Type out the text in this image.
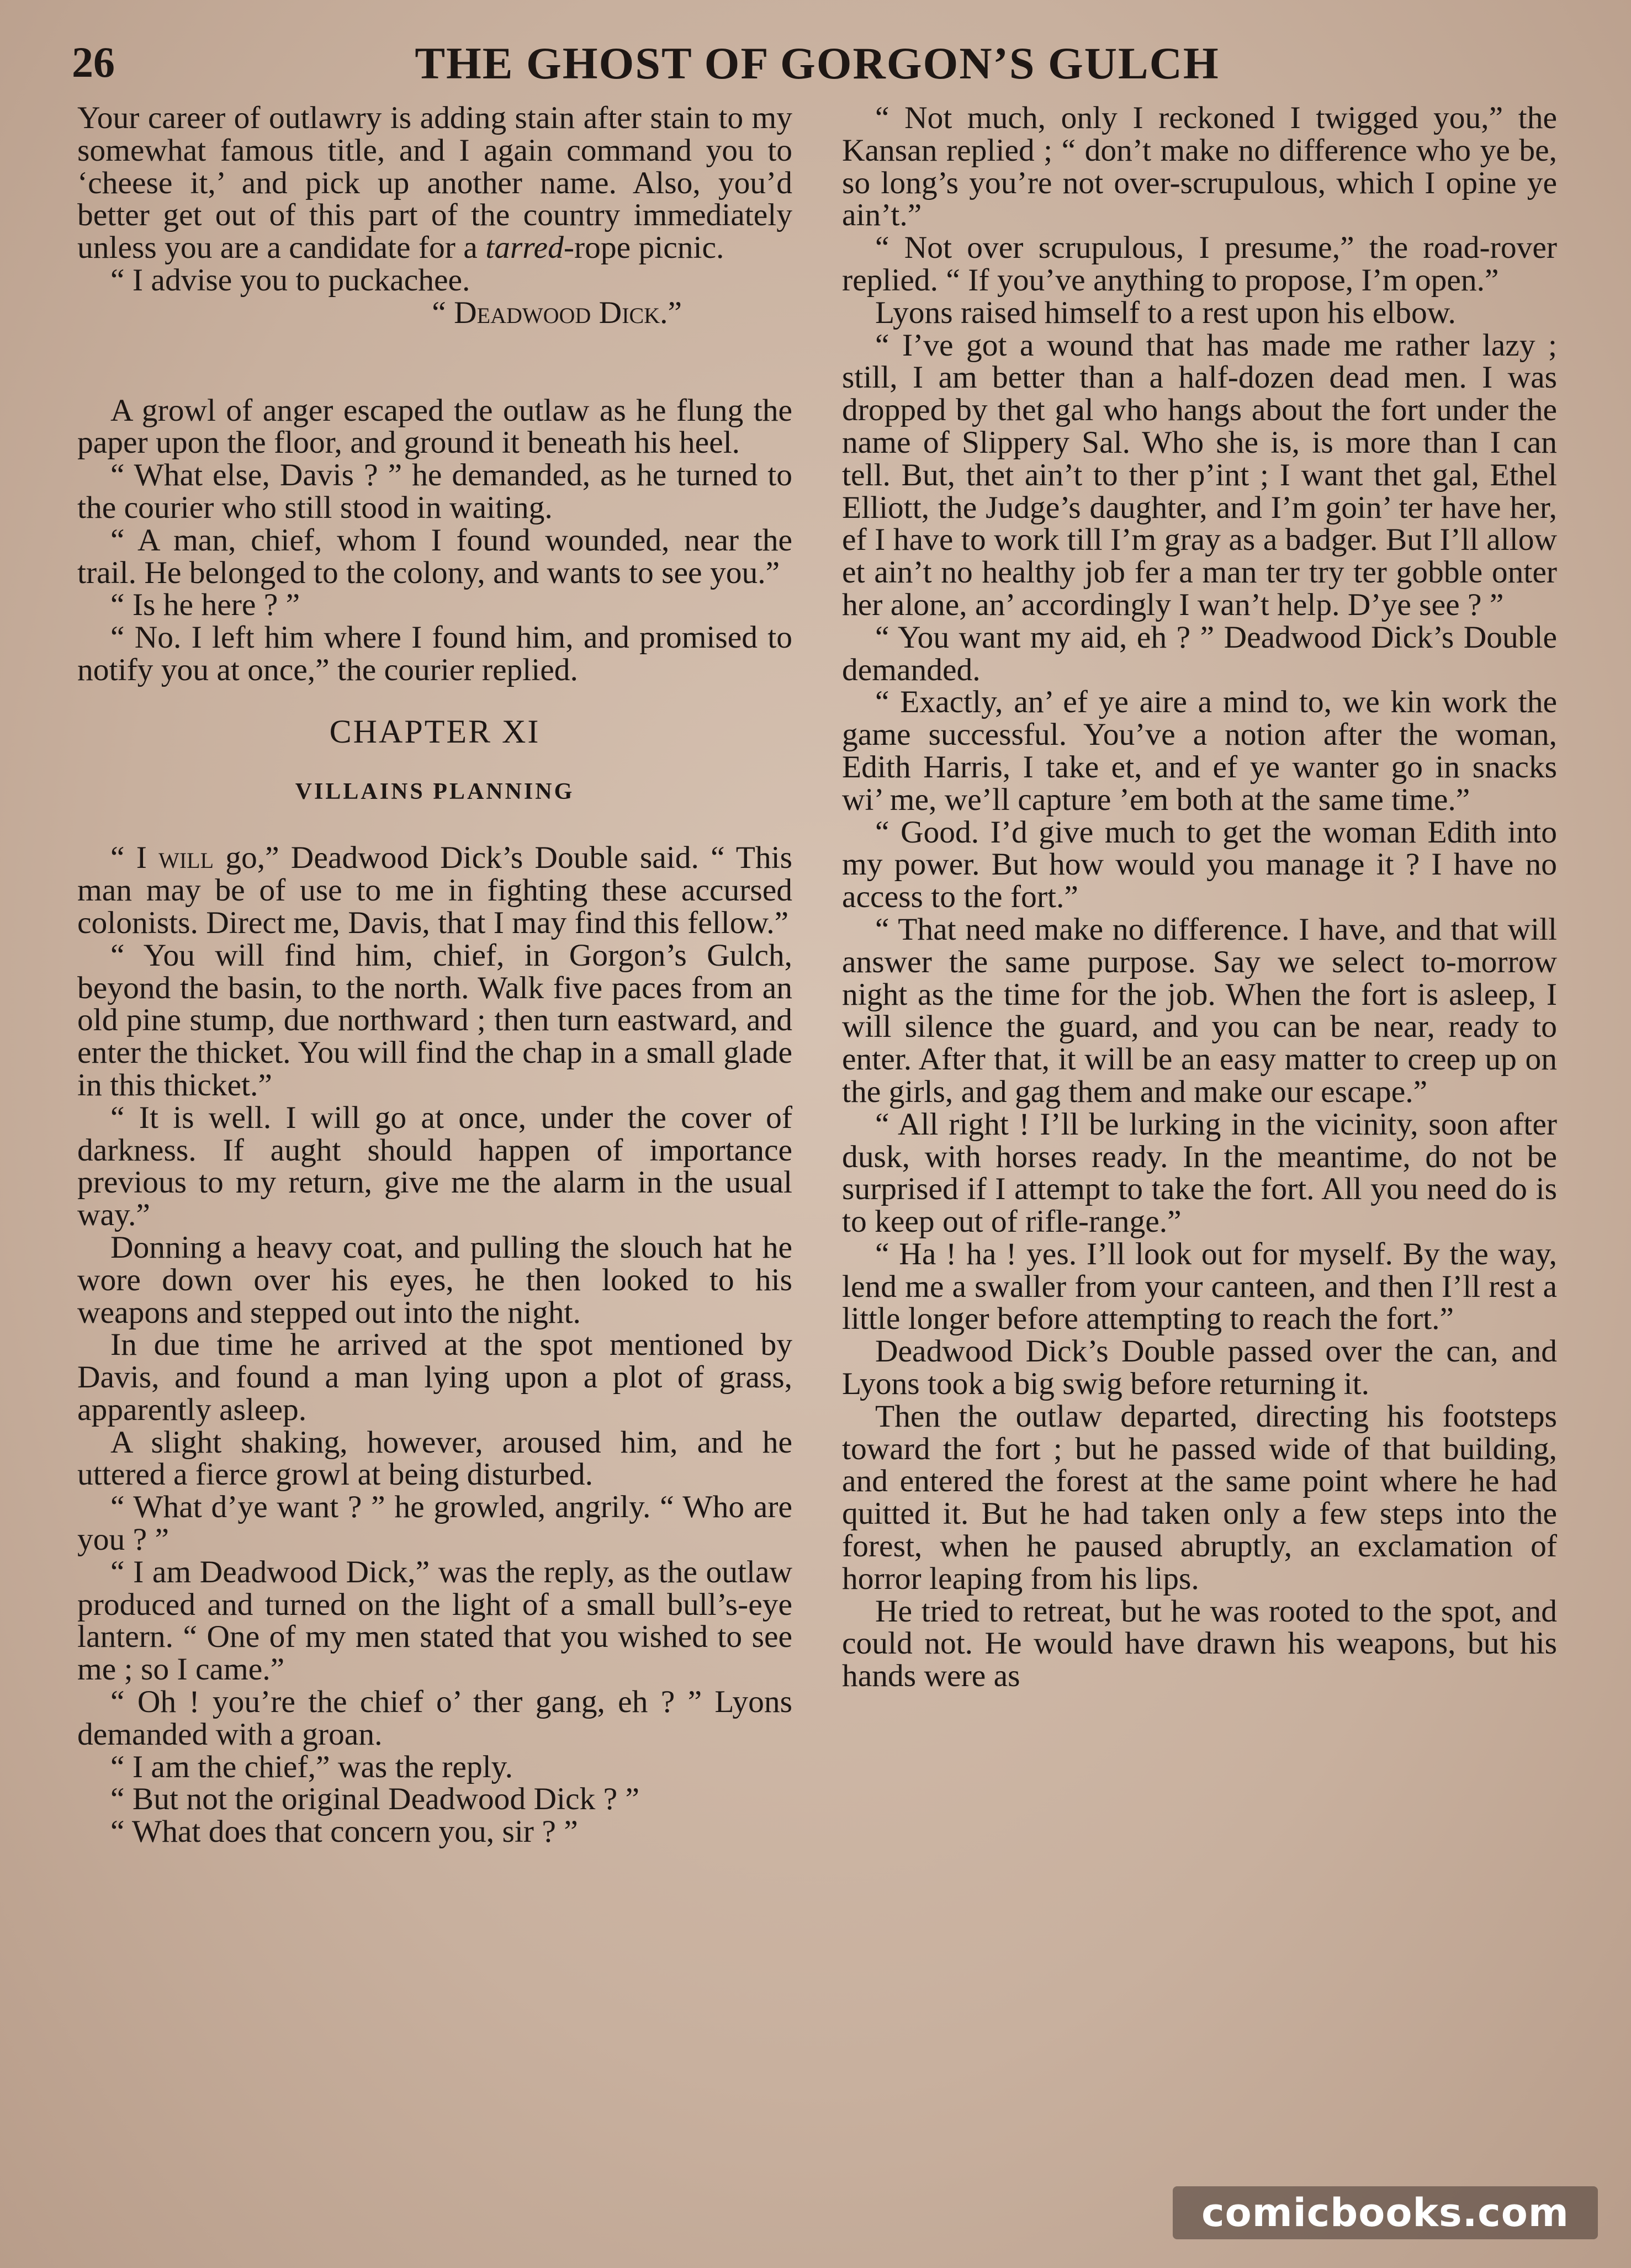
26	THE GHOST OF GORGON’S GULCH

Your career of outlawry is adding stain after stain to my somewhat famous title, and I again command you to ‘cheese it,’ and pick up another name. Also, you’d better get out of this part of the country immediately unless you are a candidate for a tarred-rope picnic.

“ I advise you to puckachee.

“ Deadwood Dick.”

A growl of anger escaped the outlaw as he flung the paper upon the floor, and ground it beneath his heel.

“ What else, Davis ? ” he demanded, as he turned to the courier who still stood in waiting.

“ A man, chief, whom I found wounded, near the trail. He belonged to the colony, and wants to see you.”

“ Is he here ? ”

“ No. I left him where I found him, and promised to notify you at once,” the courier replied.

CHAPTER XI
VILLAINS PLANNING

“ I will go,” Deadwood Dick’s Double said. “ This man may be of use to me in fighting these accursed colonists. Direct me, Davis, that I may find this fellow.”

“ You will find him, chief, in Gorgon’s Gulch, beyond the basin, to the north. Walk five paces from an old pine stump, due northward ; then turn eastward, and enter the thicket. You will find the chap in a small glade in this thicket.”

“ It is well. I will go at once, under the cover of darkness. If aught should happen of importance previous to my return, give me the alarm in the usual way.”

Donning a heavy coat, and pulling the slouch hat he wore down over his eyes, he then looked to his weapons and stepped out into the night.

In due time he arrived at the spot mentioned by Davis, and found a man lying upon a plot of grass, apparently asleep.

A slight shaking, however, aroused him, and he uttered a fierce growl at being disturbed.

“ What d’ye want ? ” he growled, angrily. “ Who are you ? ”

“ I am Deadwood Dick,” was the reply, as the outlaw produced and turned on the light of a small bull’s-eye lantern. “ One of my men stated that you wished to see me ; so I came.”

“ Oh ! you’re the chief o’ ther gang, eh ? ” Lyons demanded with a groan.

“ I am the chief,” was the reply.

“ But not the original Deadwood Dick ? ”

“ What does that concern you, sir ? ”

“ Not much, only I reckoned I twigged you,” the Kansan replied ; “ don’t make no difference who ye be, so long’s you’re not over-scrupulous, which I opine ye ain’t.”

“ Not over scrupulous, I presume,” the road-rover replied. “ If you’ve anything to propose, I’m open.”

Lyons raised himself to a rest upon his elbow.

“ I’ve got a wound that has made me rather lazy ; still, I am better than a half-dozen dead men. I was dropped by thet gal who hangs about the fort under the name of Slippery Sal. Who she is, is more than I can tell. But, thet ain’t to ther p’int ; I want thet gal, Ethel Elliott, the Judge’s daughter, and I’m goin’ ter have her, ef I have to work till I’m gray as a badger. But I’ll allow et ain’t no healthy job fer a man ter try ter gobble onter her alone, an’ accordingly I wan’t help. D’ye see ? ”

“ You want my aid, eh ? ” Deadwood Dick’s Double demanded.

“ Exactly, an’ ef ye aire a mind to, we kin work the game successful. You’ve a notion after the woman, Edith Harris, I take et, and ef ye wanter go in snacks wi’ me, we’ll capture ’em both at the same time.”

“ Good. I’d give much to get the woman Edith into my power. But how would you manage it ? I have no access to the fort.”

“ That need make no difference. I have, and that will answer the same purpose. Say we select to-morrow night as the time for the job. When the fort is asleep, I will silence the guard, and you can be near, ready to enter. After that, it will be an easy matter to creep up on the girls, and gag them and make our escape.”

“ All right ! I’ll be lurking in the vicinity, soon after dusk, with horses ready. In the meantime, do not be surprised if I attempt to take the fort. All you need do is to keep out of rifle-range.”

“ Ha ! ha ! yes. I’ll look out for myself. By the way, lend me a swaller from your canteen, and then I’ll rest a little longer before attempting to reach the fort.”

Deadwood Dick’s Double passed over the can, and Lyons took a big swig before returning it.

Then the outlaw departed, directing his footsteps toward the fort ; but he passed wide of that building, and entered the forest at the same point where he had quitted it. But he had taken only a few steps into the forest, when he paused abruptly, an exclamation of horror leaping from his lips.

He tried to retreat, but he was rooted to the spot, and could not. He would have drawn his weapons, but his hands were as

comicbooks.com
